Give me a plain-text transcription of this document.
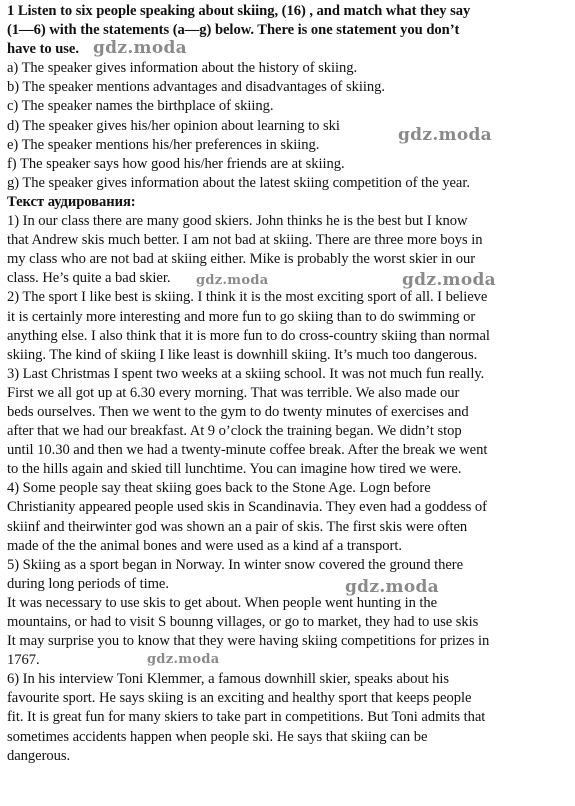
1 Listen to six people speaking about skiing, (16) , and match what they say
(1—6) with the statements (a—g) below. There is one statement you don’t
have to use.
a) The speaker gives information about the history of skiing.
b) The speaker mentions advantages and disadvantages of skiing.
c) The speaker names the birthplace of skiing.
d) The speaker gives his/her opinion about learning to ski
e) The speaker mentions his/her preferences in skiing.
f) The speaker says how good his/her friends are at skiing.
g) The speaker gives information about the latest skiing competition of the year.
Текст аудирования:
1) In our class there are many good skiers. John thinks he is the best but I know
that Andrew skis much better. I am not bad at skiing. There are three more boys in
my class who are not bad at skiing either. Mike is probably the worst skier in our
class. He’s quite a bad skier.
2) The sport I like best is skiing. I think it is the most exciting sport of all. I believe
it is certainly more interesting and more fun to go skiing than to do swimming or
anything else. I also think that it is more fun to do cross-country skiing than normal
skiing. The kind of skiing I like least is downhill skiing. It’s much too dangerous.
3) Last Christmas I spent two weeks at a skiing school. It was not much fun really.
First we all got up at 6.30 every morning. That was terrible. We also made our
beds ourselves. Then we went to the gym to do twenty minutes of exercises and
after that we had our breakfast. At 9 o’clock the training began. We didn’t stop
until 10.30 and then we had a twenty-minute coffee break. After the break we went
to the hills again and skied till lunchtime. You can imagine how tired we were.
4) Some people say theat skiing goes back to the Stone Age. Logn before
Christianity appeared people used skis in Scandinavia. They even had a goddess of
skiinf and theirwinter god was shown an a pair of skis. The first skis were often
made of the the animal bones and were used as a kind af a transport.
5) Skiing as a sport began in Norway. In winter snow covered the ground there
during long periods of time.
It was necessary to use skis to get about. When people went hunting in the
mountains, or had to visit S bounng villages, or go to market, they had to use skis
It may surprise you to know that they were having skiing competitions for prizes in
1767.
6) In his interview Toni Klemmer, a famous downhill skier, speaks about his
favourite sport. He says skiing is an exciting and healthy sport that keeps people
fit. It is great fun for many skiers to take part in competitions. But Toni admits that
sometimes accidents happen when people ski. He says that skiing can be
dangerous.
gdz.moda
gdz.moda
gdz.moda	gdz.moda
gdz.moda
gdz.moda
